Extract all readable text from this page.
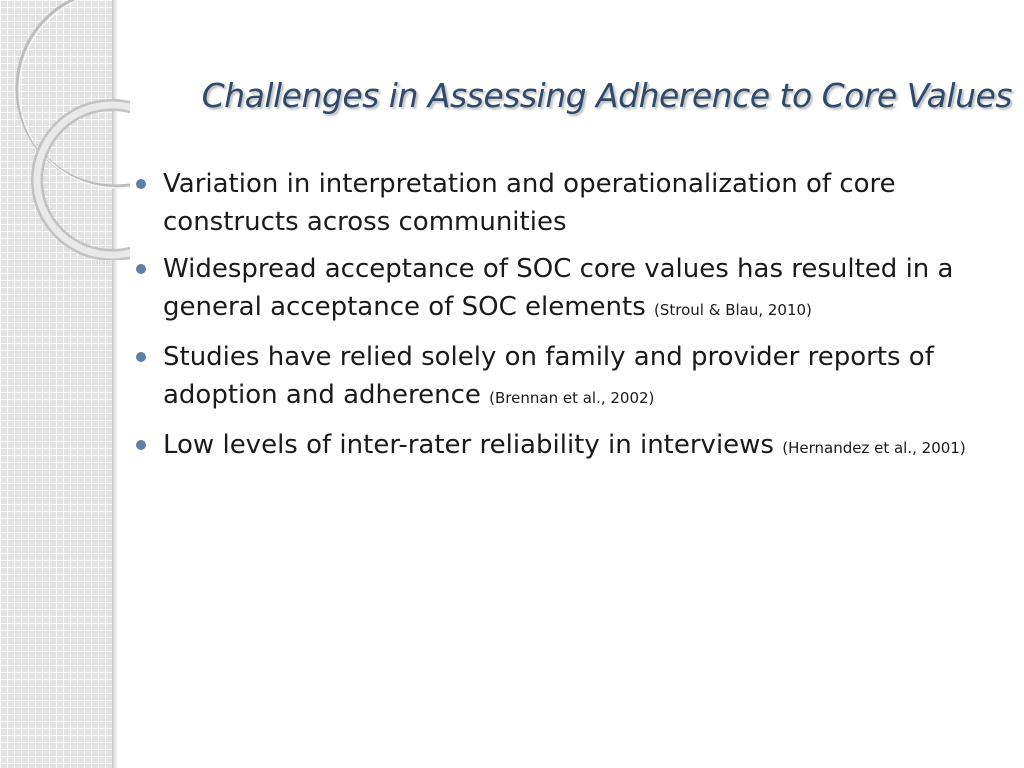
Challenges in Assessing Adherence to Core Values
Variation in interpretation and operationalization of core constructs across communities
Widespread acceptance of SOC core values has resulted in a general acceptance of SOC elements (Stroul & Blau, 2010)
Studies have relied solely on family and provider reports of adoption and adherence (Brennan et al., 2002)
Low levels of inter-rater reliability in interviews (Hernandez et al., 2001)
